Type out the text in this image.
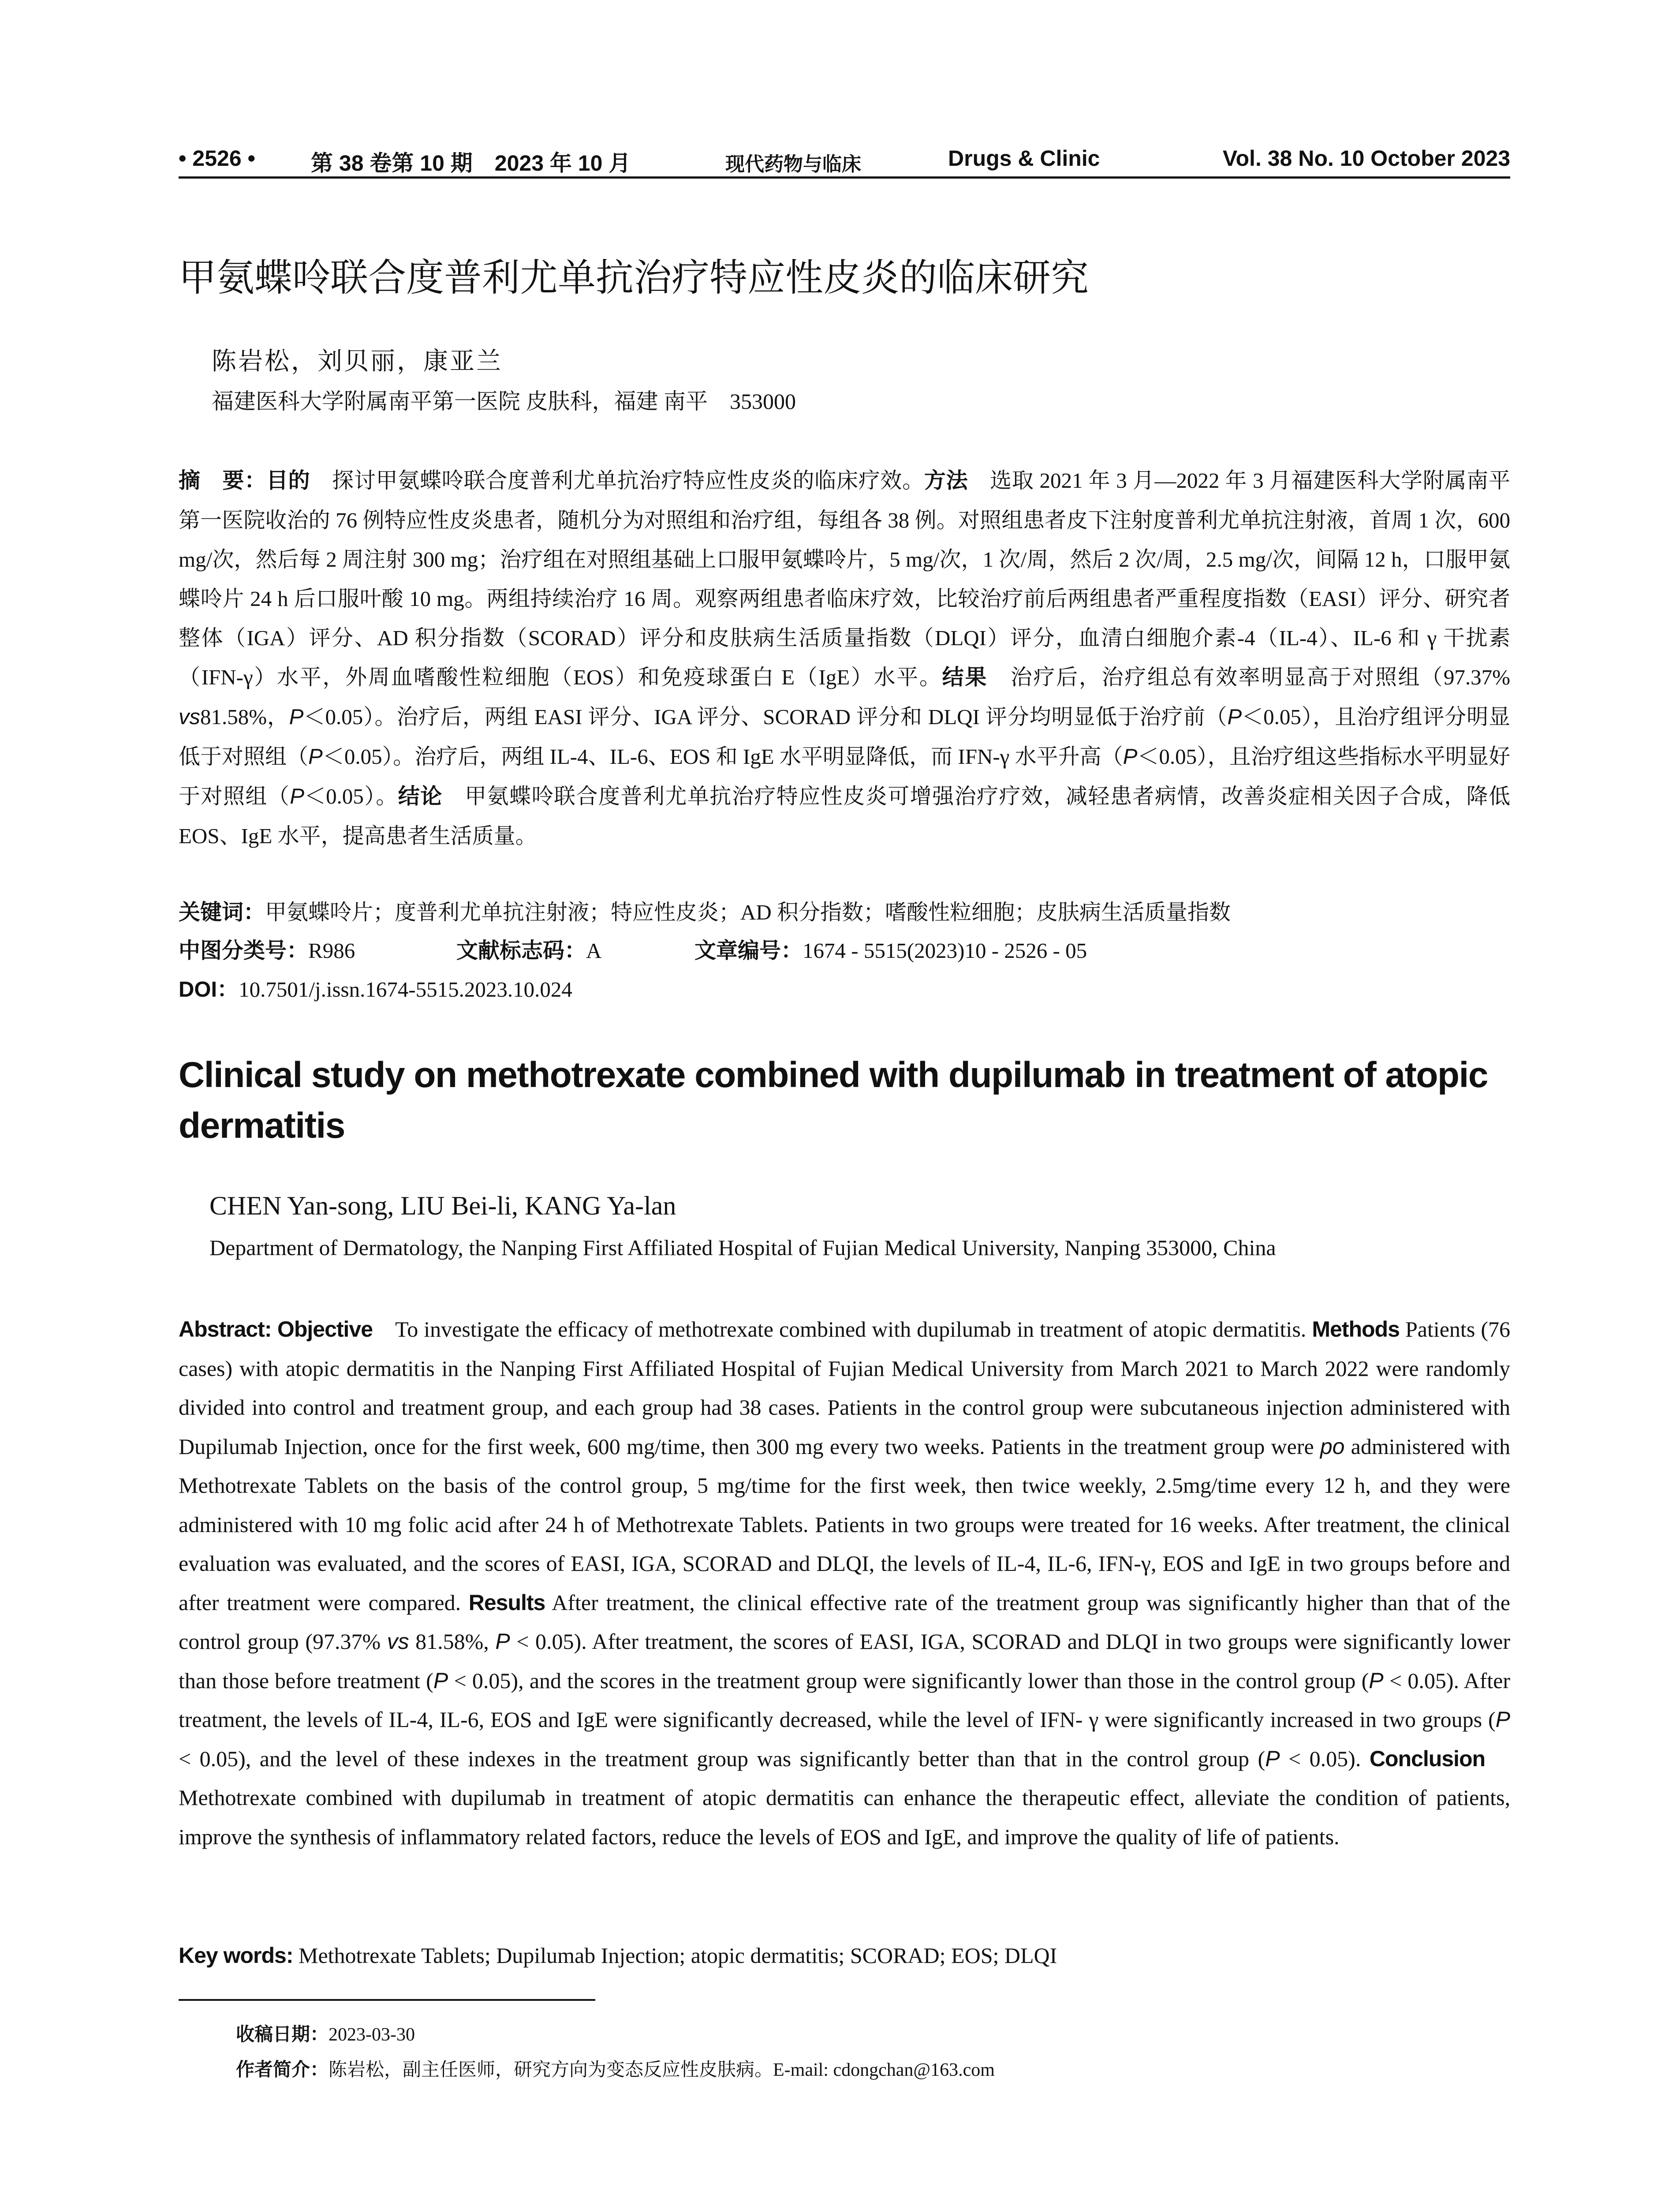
• 2526 •	第 38 卷第 10 期　2023 年 10 月	现代药物与临床	Drugs & Clinic	Vol. 38 No. 10 October 2023
甲氨蝶呤联合度普利尤单抗治疗特应性皮炎的临床研究
陈岩松，刘贝丽，康亚兰
福建医科大学附属南平第一医院 皮肤科，福建 南平　353000
摘　要：目的　探讨甲氨蝶呤联合度普利尤单抗治疗特应性皮炎的临床疗效。方法　选取 2021 年 3 月—2022 年 3 月福建医科大学附属南平第一医院收治的 76 例特应性皮炎患者，随机分为对照组和治疗组，每组各 38 例。对照组患者皮下注射度普利尤单抗注射液，首周 1 次，600 mg/次，然后每 2 周注射 300 mg；治疗组在对照组基础上口服甲氨蝶呤片，5 mg/次，1 次/周，然后 2 次/周，2.5 mg/次，间隔 12 h，口服甲氨蝶呤片 24 h 后口服叶酸 10 mg。两组持续治疗 16 周。观察两组患者临床疗效，比较治疗前后两组患者严重程度指数（EASI）评分、研究者整体（IGA）评分、AD 积分指数（SCORAD）评分和皮肤病生活质量指数（DLQI）评分，血清白细胞介素-4（IL-4）、IL-6 和 γ 干扰素（IFN-γ）水平，外周血嗜酸性粒细胞（EOS）和免疫球蛋白 E（IgE）水平。结果　治疗后，治疗组总有效率明显高于对照组（97.37% vs81.58%，P＜0.05）。治疗后，两组 EASI 评分、IGA 评分、SCORAD 评分和 DLQI 评分均明显低于治疗前（P＜0.05），且治疗组评分明显低于对照组（P＜0.05）。治疗后，两组 IL-4、IL-6、EOS 和 IgE 水平明显降低，而 IFN-γ 水平升高（P＜0.05），且治疗组这些指标水平明显好于对照组（P＜0.05）。结论　甲氨蝶呤联合度普利尤单抗治疗特应性皮炎可增强治疗疗效，减轻患者病情，改善炎症相关因子合成，降低 EOS、IgE 水平，提高患者生活质量。
关键词：甲氨蝶呤片；度普利尤单抗注射液；特应性皮炎；AD 积分指数；嗜酸性粒细胞；皮肤病生活质量指数
中图分类号：R986	文献标志码：A	文章编号：1674 - 5515(2023)10 - 2526 - 05
DOI：10.7501/j.issn.1674-5515.2023.10.024
Clinical study on methotrexate combined with dupilumab in treatment of atopic dermatitis
CHEN Yan-song, LIU Bei-li, KANG Ya-lan
Department of Dermatology, the Nanping First Affiliated Hospital of Fujian Medical University, Nanping 353000, China
Abstract: Objective　To investigate the efficacy of methotrexate combined with dupilumab in treatment of atopic dermatitis. Methods Patients (76 cases) with atopic dermatitis in the Nanping First Affiliated Hospital of Fujian Medical University from March 2021 to March 2022 were randomly divided into control and treatment group, and each group had 38 cases. Patients in the control group were subcutaneous injection administered with Dupilumab Injection, once for the first week, 600 mg/time, then 300 mg every two weeks. Patients in the treatment group were po administered with Methotrexate Tablets on the basis of the control group, 5 mg/time for the first week, then twice weekly, 2.5mg/time every 12 h, and they were administered with 10 mg folic acid after 24 h of Methotrexate Tablets. Patients in two groups were treated for 16 weeks. After treatment, the clinical evaluation was evaluated, and the scores of EASI, IGA, SCORAD and DLQI, the levels of IL-4, IL-6, IFN-γ, EOS and IgE in two groups before and after treatment were compared. Results After treatment, the clinical effective rate of the treatment group was significantly higher than that of the control group (97.37% vs 81.58%, P < 0.05). After treatment, the scores of EASI, IGA, SCORAD and DLQI in two groups were significantly lower than those before treatment (P < 0.05), and the scores in the treatment group were significantly lower than those in the control group (P < 0.05). After treatment, the levels of IL-4, IL-6, EOS and IgE were significantly decreased, while the level of IFN- γ were significantly increased in two groups (P < 0.05), and the level of these indexes in the treatment group was significantly better than that in the control group (P < 0.05). Conclusion　Methotrexate combined with dupilumab in treatment of atopic dermatitis can enhance the therapeutic effect, alleviate the condition of patients, improve the synthesis of inflammatory related factors, reduce the levels of EOS and IgE, and improve the quality of life of patients.
Key words: Methotrexate Tablets; Dupilumab Injection; atopic dermatitis; SCORAD; EOS; DLQI
收稿日期：2023-03-30
作者简介：陈岩松，副主任医师，研究方向为变态反应性皮肤病。E-mail: cdongchan@163.com
